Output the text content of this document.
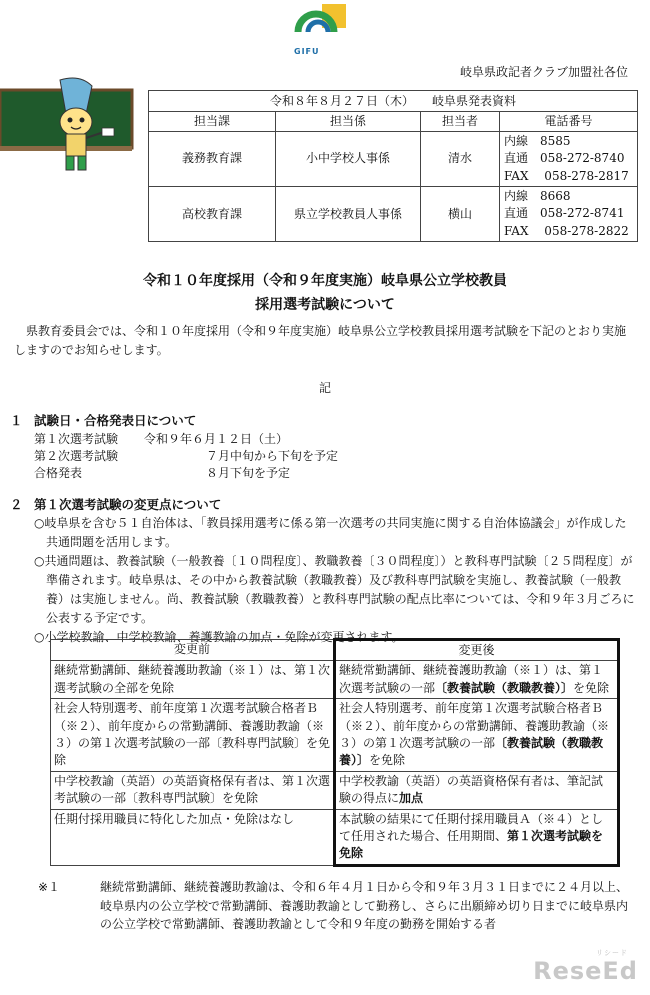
GIFU
岐阜県政記者クラブ加盟社各位
令和８年８月２７日（木）　　岐阜県発表資料			
担当課	担当係	担当者	電話番号
義務教育課	小中学校人事係	清水	内線　8585
直通　058-272-8740
FAX　 058-278-2817

高校教育課	県立学校教員人事係	横山	内線　8668
直通　058-272-8741
FAX　 058-278-2822
令和１０年度採用（令和９年度実施）岐阜県公立学校教員
採用選考試験について
県教育委員会では、令和１０年度採用（令和９年度実施）岐阜県公立学校教員採用選考試験を下記のとおり実施しますのでお知らせします。
記
１ 試験日・合格発表日について
第１次選考試験 令和９年６月１２日（土）
第２次選考試験	　７月中旬から下旬を予定
合格発表	　８月下旬を予定
２ 第１次選考試験の変更点について
○岐阜県を含む５１自治体は、「教員採用選考に係る第一次選考の共同実施に関する自治体協議会」が作成した共通問題を活用します。
○共通問題は、教養試験（一般教養〔１０問程度〕、教職教養〔３０問程度〕）と教科専門試験〔２５問程度〕が準備されます。岐阜県は、その中から教養試験（教職教養）及び教科専門試験を実施し、教養試験（一般教養）は実施しません。尚、教養試験（教職教養）と教科専門試験の配点比率については、令和９年３月ごろに公表する予定です。
○小学校教諭、中学校教諭、養護教諭の加点・免除が変更されます。
変更前	変更後
継続常勤講師、継続養護助教諭（※１）は、第１次選考試験の全部を免除	継続常勤講師、継続養護助教諭（※１）は、第１次選考試験の一部〔教養試験（教職教養）〕を免除
社会人特別選考、前年度第１次選考試験合格者Ｂ（※２）、前年度からの常勤講師、養護助教諭（※３）の第１次選考試験の一部〔教科専門試験〕を免除	社会人特別選考、前年度第１次選考試験合格者Ｂ（※２）、前年度からの常勤講師、養護助教諭（※３）の第１次選考試験の一部〔教養試験（教職教養）〕を免除
中学校教諭（英語）の英語資格保有者は、第１次選考試験の一部〔教科専門試験〕を免除	中学校教諭（英語）の英語資格保有者は、筆記試験の得点に加点
任期付採用職員に特化した加点・免除はなし	本試験の結果にて任期付採用職員Ａ（※４）として任用された場合、任用期間、第１次選考試験を免除
※１	継続常勤講師、継続養護助教諭は、令和６年４月１日から令和９年３月３１日までに２４月以上、岐阜県内の公立学校で常勤講師、養護助教諭として勤務し、さらに出願締め切り日までに岐阜県内の公立学校で常勤講師、養護助教諭として令和９年度の勤務を開始する者
リシード
ReseEd
